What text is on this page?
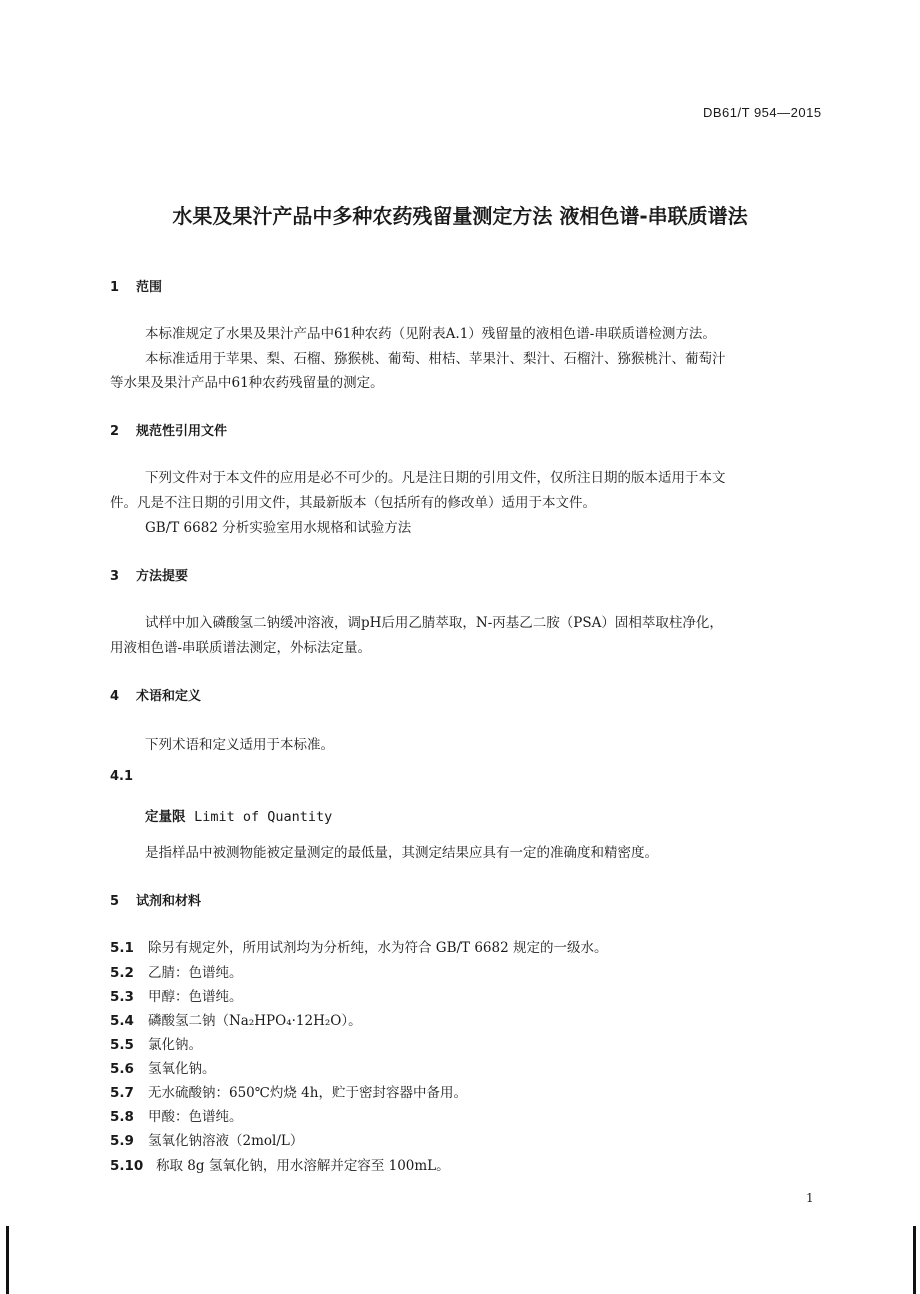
DB61/T 954—2015
水果及果汁产品中多种农药残留量测定方法 液相色谱-串联质谱法
1 范围
本标准规定了水果及果汁产品中61种农药（见附表A.1）残留量的液相色谱-串联质谱检测方法。
本标准适用于苹果、梨、石榴、猕猴桃、葡萄、柑桔、苹果汁、梨汁、石榴汁、猕猴桃汁、葡萄汁
等水果及果汁产品中61种农药残留量的测定。
2 规范性引用文件
下列文件对于本文件的应用是必不可少的。凡是注日期的引用文件，仅所注日期的版本适用于本文
件。凡是不注日期的引用文件，其最新版本（包括所有的修改单）适用于本文件。
GB/T 6682 分析实验室用水规格和试验方法
3 方法提要
试样中加入磷酸氢二钠缓冲溶液，调pH后用乙腈萃取，N-丙基乙二胺（PSA）固相萃取柱净化，
用液相色谱-串联质谱法测定，外标法定量。
4 术语和定义
下列术语和定义适用于本标准。
4.1
定量限 Limit of Quantity
是指样品中被测物能被定量测定的最低量，其测定结果应具有一定的准确度和精密度。
5 试剂和材料
5.1 除另有规定外，所用试剂均为分析纯，水为符合 GB/T 6682 规定的一级水。
5.2 乙腈：色谱纯。
5.3 甲醇：色谱纯。
5.4 磷酸氢二钠（Na₂HPO₄·12H₂O）。
5.5 氯化钠。
5.6 氢氧化钠。
5.7 无水硫酸钠：650℃灼烧 4h，贮于密封容器中备用。
5.8 甲酸：色谱纯。
5.9 氢氧化钠溶液（2mol/L）
5.10 称取 8g 氢氧化钠，用水溶解并定容至 100mL。
1
